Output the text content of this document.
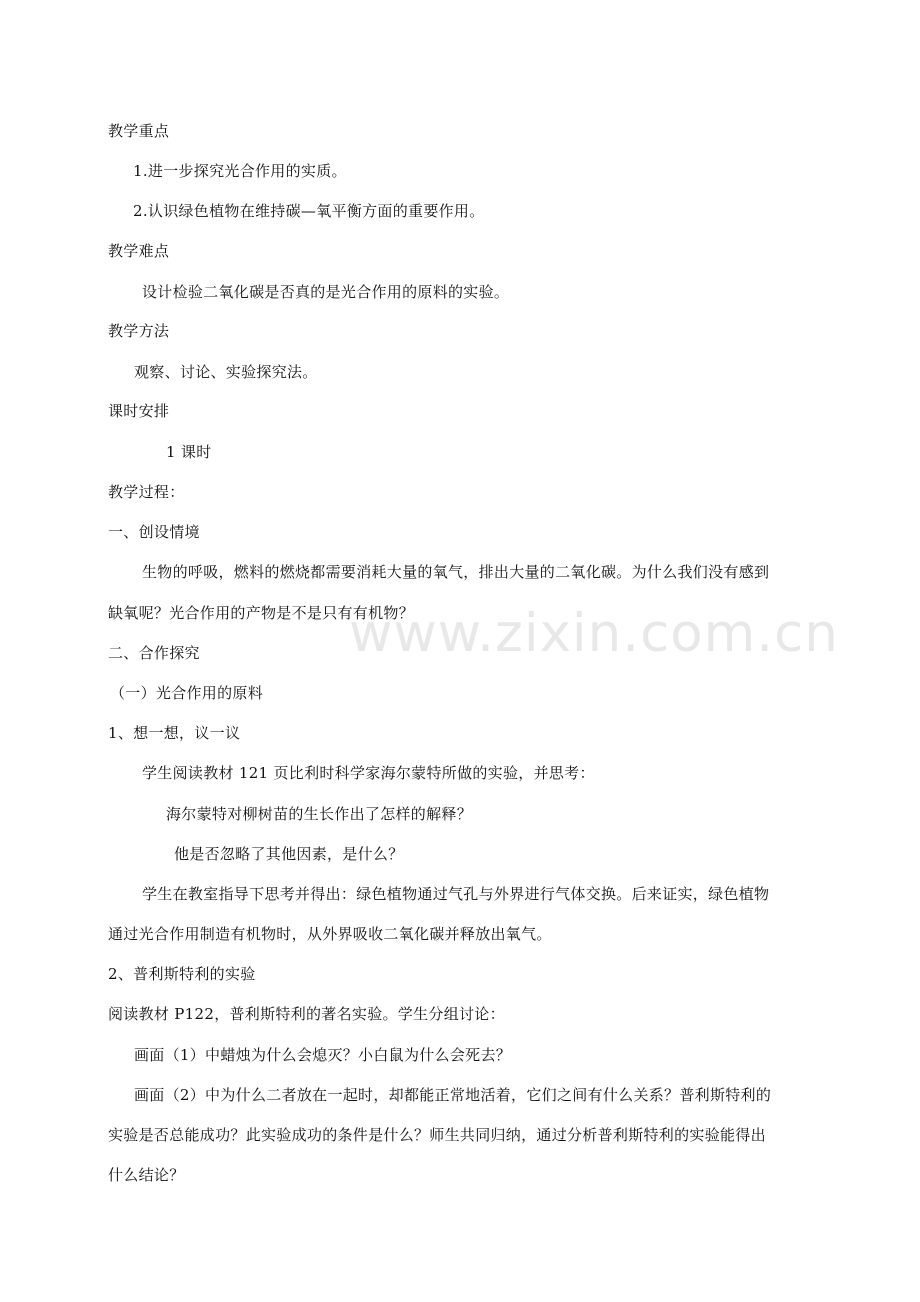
www.zixin.com.cn
教学重点
1.进一步探究光合作用的实质。
2.认识绿色植物在维持碳—氧平衡方面的重要作用。
教学难点
设计检验二氧化碳是否真的是光合作用的原料的实验。
教学方法
观察、讨论、实验探究法。
课时安排
1 课时
教学过程：
一、创设情境
生物的呼吸，燃料的燃烧都需要消耗大量的氧气，排出大量的二氧化碳。为什么我们没有感到
缺氧呢？光合作用的产物是不是只有有机物？
二、合作探究
（一）光合作用的原料
1、想一想，议一议
学生阅读教材 121 页比利时科学家海尔蒙特所做的实验，并思考：
海尔蒙特对柳树苗的生长作出了怎样的解释？
他是否忽略了其他因素，是什么？
学生在教室指导下思考并得出：绿色植物通过气孔与外界进行气体交换。后来证实，绿色植物
通过光合作用制造有机物时，从外界吸收二氧化碳并释放出氧气。
2、普利斯特利的实验
阅读教材 P122，普利斯特利的著名实验。学生分组讨论：
画面（1）中蜡烛为什么会熄灭？小白鼠为什么会死去？
画面（2）中为什么二者放在一起时，却都能正常地活着，它们之间有什么关系？普利斯特利的
实验是否总能成功？此实验成功的条件是什么？师生共同归纳，通过分析普利斯特利的实验能得出
什么结论？
